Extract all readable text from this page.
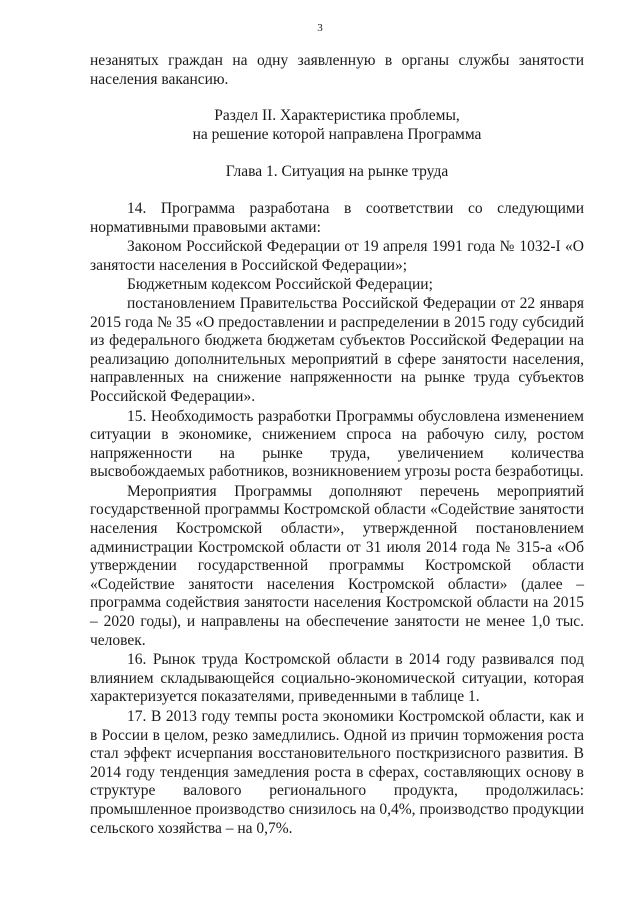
3

незанятых граждан на одну заявленную в органы службы занятости населения вакансию.

Раздел II. Характеристика проблемы,

на решение которой направлена Программа

Глава 1. Ситуация на рынке труда

14. Программа разработана в соответствии со следующими нормативными правовыми актами:

Законом Российской Федерации от 19 апреля 1991 года № 1032-I «О занятости населения в Российской Федерации»;

Бюджетным кодексом Российской Федерации;

постановлением Правительства Российской Федерации от 22 января 2015 года № 35 «О предоставлении и распределении в 2015 году субсидий из федерального бюджета бюджетам субъектов Российской Федерации на реализацию дополнительных мероприятий в сфере занятости населения, направленных на снижение напряженности на рынке труда субъектов Российской Федерации».

15. Необходимость разработки Программы обусловлена изменением ситуации в экономике, снижением спроса на рабочую силу, ростом напряженности на рынке труда, увеличением количества высвобождаемых работников, возникновением угрозы роста безработицы.

Мероприятия Программы дополняют перечень мероприятий государственной программы Костромской области «Содействие занятости населения Костромской области», утвержденной постановлением администрации Костромской области от 31 июля 2014 года № 315-а «Об утверждении государственной программы Костромской области «Содействие занятости населения Костромской области» (далее – программа содействия занятости населения Костромской области на 2015 – 2020 годы), и направлены на обеспечение занятости не менее 1,0 тыс. человек.

16. Рынок труда Костромской области в 2014 году развивался под влиянием складывающейся социально-экономической ситуации, которая характеризуется показателями, приведенными в таблице 1.

17. В 2013 году темпы роста экономики Костромской области, как и в России в целом, резко замедлились. Одной из причин торможения роста стал эффект исчерпания восстановительного посткризисного развития. В 2014 году тенденция замедления роста в сферах, составляющих основу в структуре валового регионального продукта, продолжилась: промышленное производство снизилось на 0,4%, производство продукции сельского хозяйства – на 0,7%.
